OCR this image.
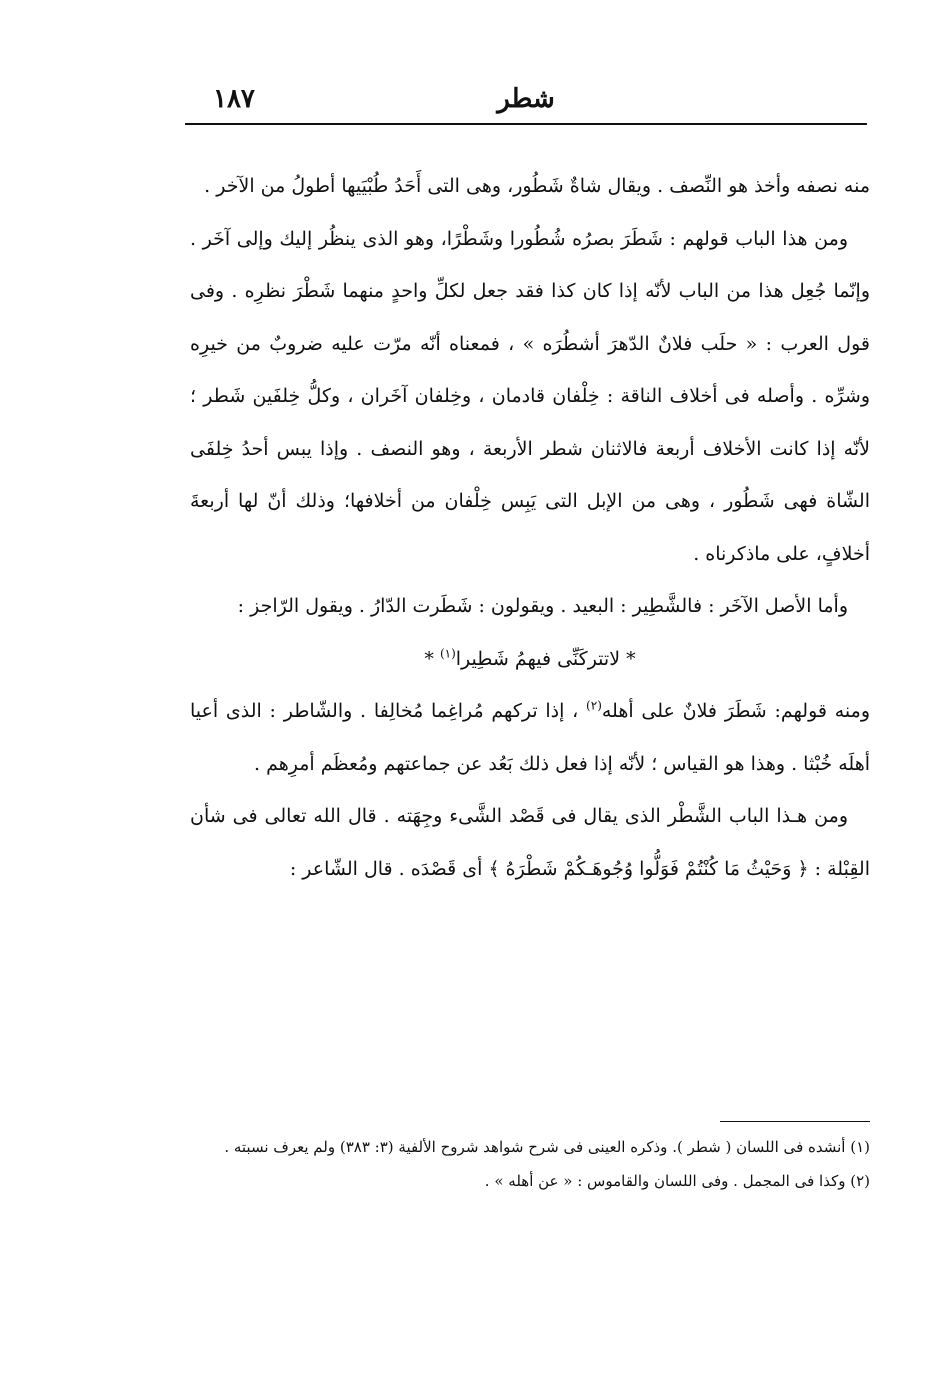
شطر
١٨٧

منه نصفه وأخذ هو النِّصف . ويقال شاةٌ شَطُور، وهى التى أَحَدُ طُبْيَيها أطولُ من الآخر .

ومن هذا الباب قولهم : شَطَرَ بصرُه شُطُورا وشَطْرًا، وهو الذى ينظُر إليك وإلى آخَر . وإنّما جُعِل هذا من الباب لأنّه إذا كان كذا فقد جعل لكلِّ واحدٍ منهما شَطْرَ نظرِه . وفى قول العرب : « حلَب فلانٌ الدّهرَ أشطُرَه » ، فمعناه أنّه مرّت عليه ضروبٌ من خيرِه وشرِّه . وأصله فى أخلاف الناقة : خِلْفان قادمان ، وخِلفان آخَران ، وكلُّ خِلفَين شَطر ؛ لأنّه إذا كانت الأخلاف أربعة فالاثنان شطر الأربعة ، وهو النصف . وإذا يبس أحدُ خِلفَى الشّاة فهى شَطُور ، وهى من الإبل التى يَبِس خِلْفان من أخلافها؛ وذلك أنّ لها أربعةَ أخلافٍ، على ماذكرناه .

وأما الأصل الآخَر : فالشَّطِير : البعيد . ويقولون : شَطَرت الدّارُ . ويقول الرّاجز :

* لاتتركَنِّى فيهمُ شَطِيرا$^{(١)}$ *

ومنه قولهم: شَطَرَ فلانٌ على أهله$^{(٢)}$ ، إذا تركهم مُراغِما مُخالِفا . والشّاطر : الذى أعيا أهلَه خُبْثا . وهذا هو القياس ؛ لأنّه إذا فعل ذلك بَعُد عن جماعتهم ومُعظَم أمرِهم .

ومن هـذا الباب الشَّطْر الذى يقال فى قَصْد الشَّىء وجِهَته . قال الله تعالى فى شأن القِبْلة : ﴿ وَحَيْثُ مَا كُنْتُمْ فَوَلُّوا وُجُوهَـكُمْ شَطْرَهُ ﴾ أى قَصْدَه . قال الشّاعر :

(١) أنشده فى اللسان ( شطر ). وذكره العينى فى شرح شواهد شروح الألفية (٣: ٣٨٣) ولم يعرف نسبته .

(٢) وكذا فى المجمل . وفى اللسان والقاموس : « عن أهله » .
